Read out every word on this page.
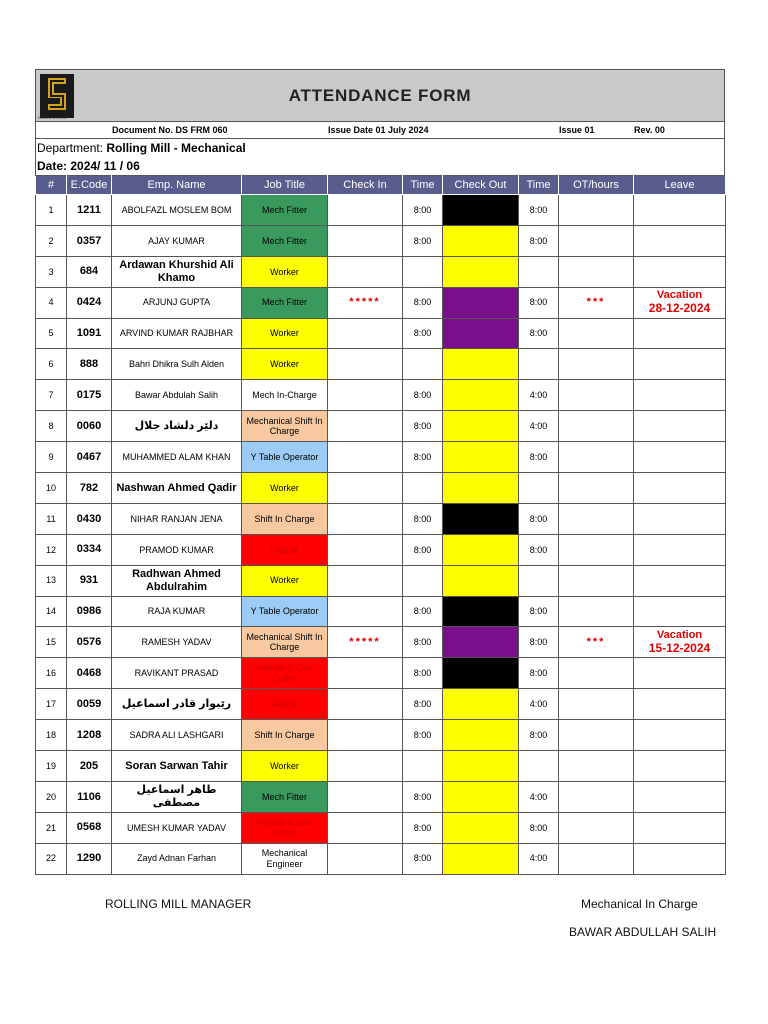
DARIN STEEL
ATTENDANCE FORM
Document No. DS FRM 060	Issue Date 01 July 2024	Issue 01	Rev. 00
Department: Rolling Mill - Mechanical
Date: 2024/ 11 / 06
#	E.Code	Emp. Name	Job Title	Check In	Time	Check Out	Time	OT/hours	Leave
1	1211	ABOLFAZL MOSLEM BOM	Mech Fitter		8:00		8:00		
2	0357	AJAY KUMAR	Mech Fitter		8:00		8:00		
3	684	Ardawan Khurshid Ali Khamo	Worker						
4	0424	ARJUNJ GUPTA	Mech Fitter	*****	8:00		8:00	***	Vacation
28-12-2024

5	1091	ARVIND KUMAR RAJBHAR	Worker		8:00		8:00		
6	888	Bahri Dhikra Sulh Alden	Worker						
7	0175	Bawar Abdulah Salih	Mech In-Charge		8:00		4:00		
8	0060	دلێر دلشاد جلال	Mechanical Shift In Charge		8:00		4:00		
9	0467	MUHAMMED ALAM KHAN	Y Table Operator		8:00		8:00		
10	782	Nashwan Ahmed Qadir	Worker						
11	0430	NIHAR RANJAN JENA	Shift In Charge		8:00		8:00		
12	0334	PRAMOD KUMAR	Welder		8:00		8:00		
13	931	Radhwan Ahmed Abdulrahim	Worker						
14	0986	RAJA KUMAR	Y Table Operator		8:00		8:00		
15	0576	RAMESH YADAV	Mechanical Shift In Charge	*****	8:00		8:00	***	Vacation
15-12-2024

16	0468	RAVIKANT PRASAD	Welder & Gas Cutter		8:00		8:00		
17	0059	رێبوار قادر اسماعیل	Welder		8:00		4:00		
18	1208	SADRA ALI LASHGARI	Shift In Charge		8:00		8:00		
19	205	Soran Sarwan Tahir	Worker						
20	1106	طاهر اسماعیل مصطفى	Mech Fitter		8:00		4:00		
21	0568	UMESH KUMAR YADAV	Welder & Gas Cutter		8:00		8:00		
22	1290	Zayd Adnan Farhan	Mechanical Engineer		8:00		4:00		
ROLLING MILL MANAGER	Mechanical In Charge
BAWAR ABDULLAH SALIH
